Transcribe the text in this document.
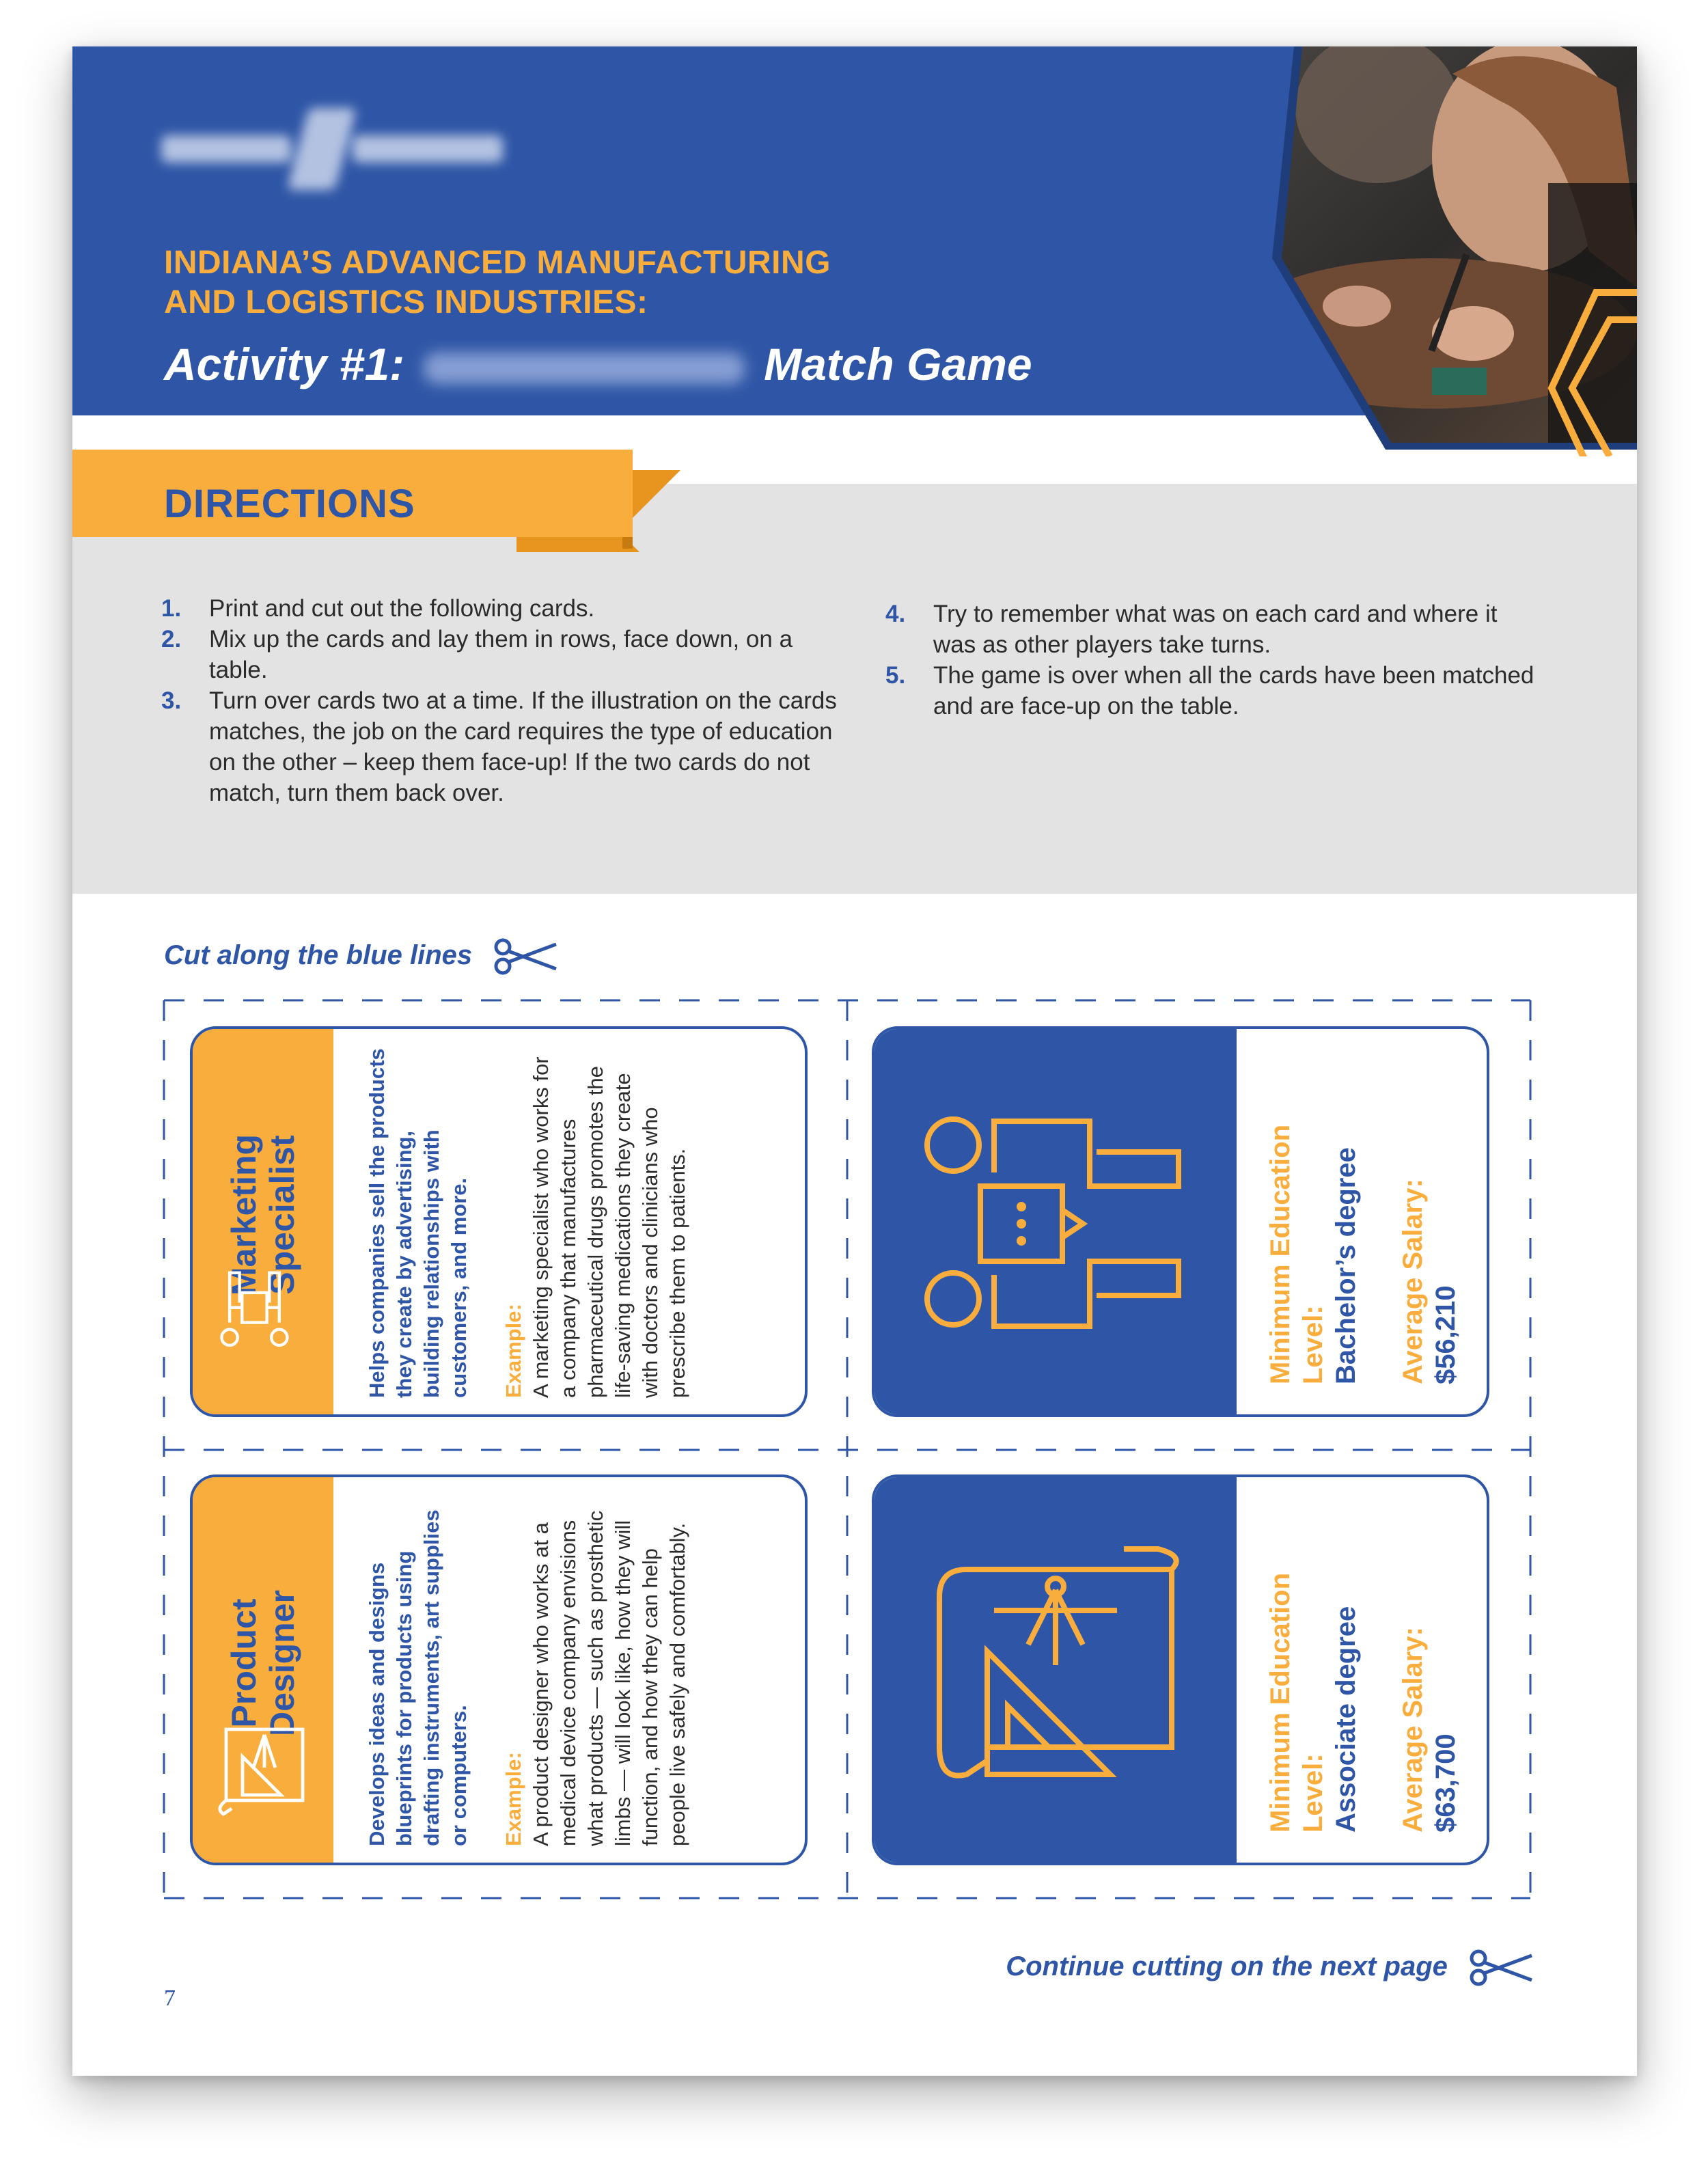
INDIANA’S ADVANCED MANUFACTURING
AND LOGISTICS INDUSTRIES:
Activity #1:	Match Game
DIRECTIONS
1. Print and cut out the following cards.
2. Mix up the cards and lay them in rows, face down, on a table.
3. Turn over cards two at a time. If the illustration on the cards matches, the job on the card requires the type of education on the other – keep them face-up! If the two cards do not match, turn them back over.
4. Try to remember what was on each card and where it was as other players take turns.
5. The game is over when all the cards have been matched and are face-up on the table.
Cut along the blue lines
Marketing Specialist	Helps companies sell the products they create by advertising, building relationships with customers, and more. Example: A marketing specialist who works for a company that manufactures pharmaceutical drugs promotes the life-saving medications they create with doctors and clinicians who prescribe them to patients.	Minimum Education Level: Bachelor’s degree Average Salary: $56,210
Product Designer	Develops ideas and designs blueprints for products using drafting instruments, art supplies or computers. Example: A product designer who works at a medical device company envisions what products — such as prosthetic limbs — will look like, how they will function, and how they can help people live safely and comfortably.	Minimum Education Level: Associate degree Average Salary: $63,700
Continue cutting on the next page
7
